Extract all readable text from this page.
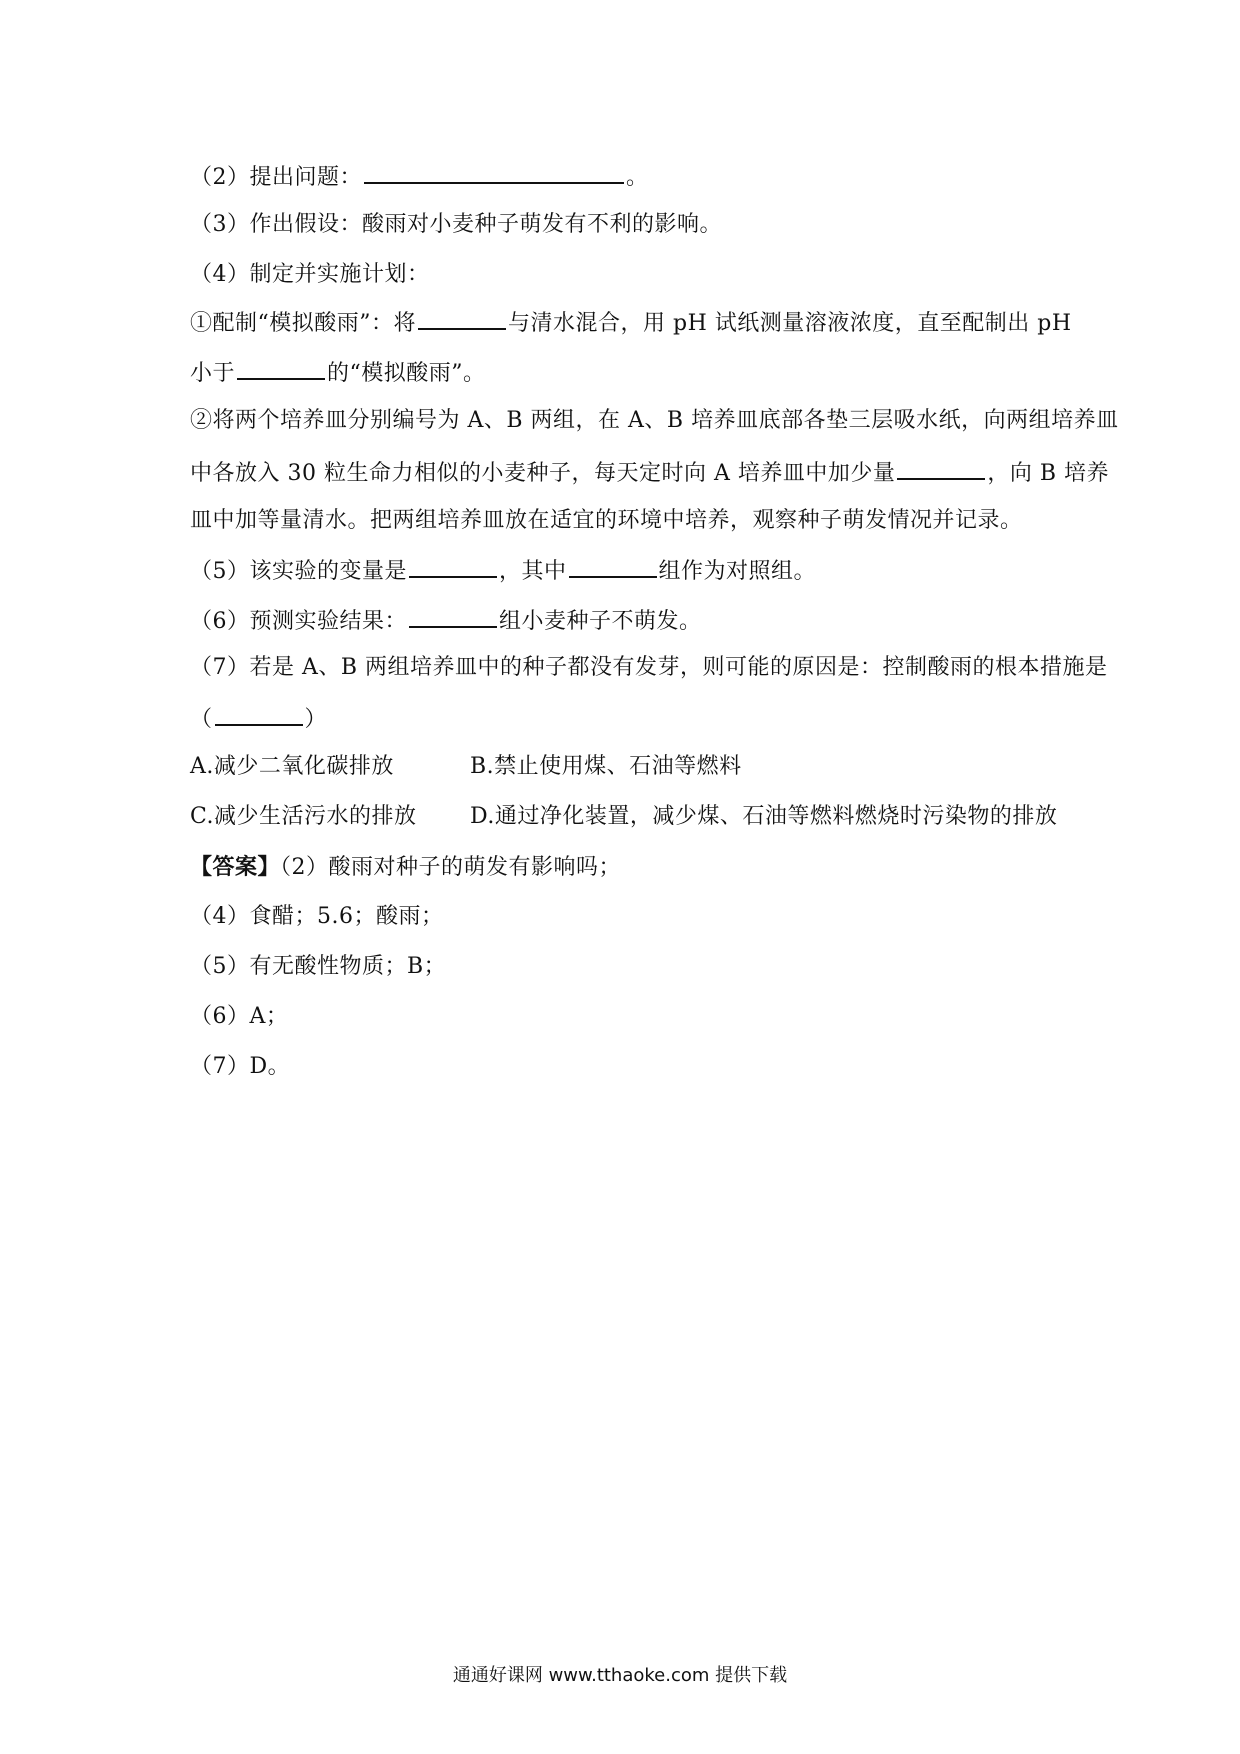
（2）提出问题：	。
（3）作出假设：酸雨对小麦种子萌发有不利的影响。
（4）制定并实施计划：
①配制“模拟酸雨”：将	与清水混合，用 pH 试纸测量溶液浓度，直至配制出 pH
小于	的“模拟酸雨”。
②将两个培养皿分别编号为 A、B 两组，在 A、B 培养皿底部各垫三层吸水纸，向两组培养皿
中各放入 30 粒生命力相似的小麦种子，每天定时向 A 培养皿中加少量	，向 B 培养
皿中加等量清水。把两组培养皿放在适宜的环境中培养，观察种子萌发情况并记录。
（5）该实验的变量是	，其中	组作为对照组。
（6）预测实验结果：	组小麦种子不萌发。
（7）若是 A、B 两组培养皿中的种子都没有发芽，则可能的原因是：控制酸雨的根本措施是
（	）
A.减少二氧化碳排放	B.禁止使用煤、石油等燃料
C.减少生活污水的排放 D.通过净化装置，减少煤、石油等燃料燃烧时污染物的排放
【答案】（2）酸雨对种子的萌发有影响吗；
（4）食醋；5.6；酸雨；
（5）有无酸性物质；B；
（6）A；
（7）D。
通通好课网 www.tthaoke.com 提供下载
